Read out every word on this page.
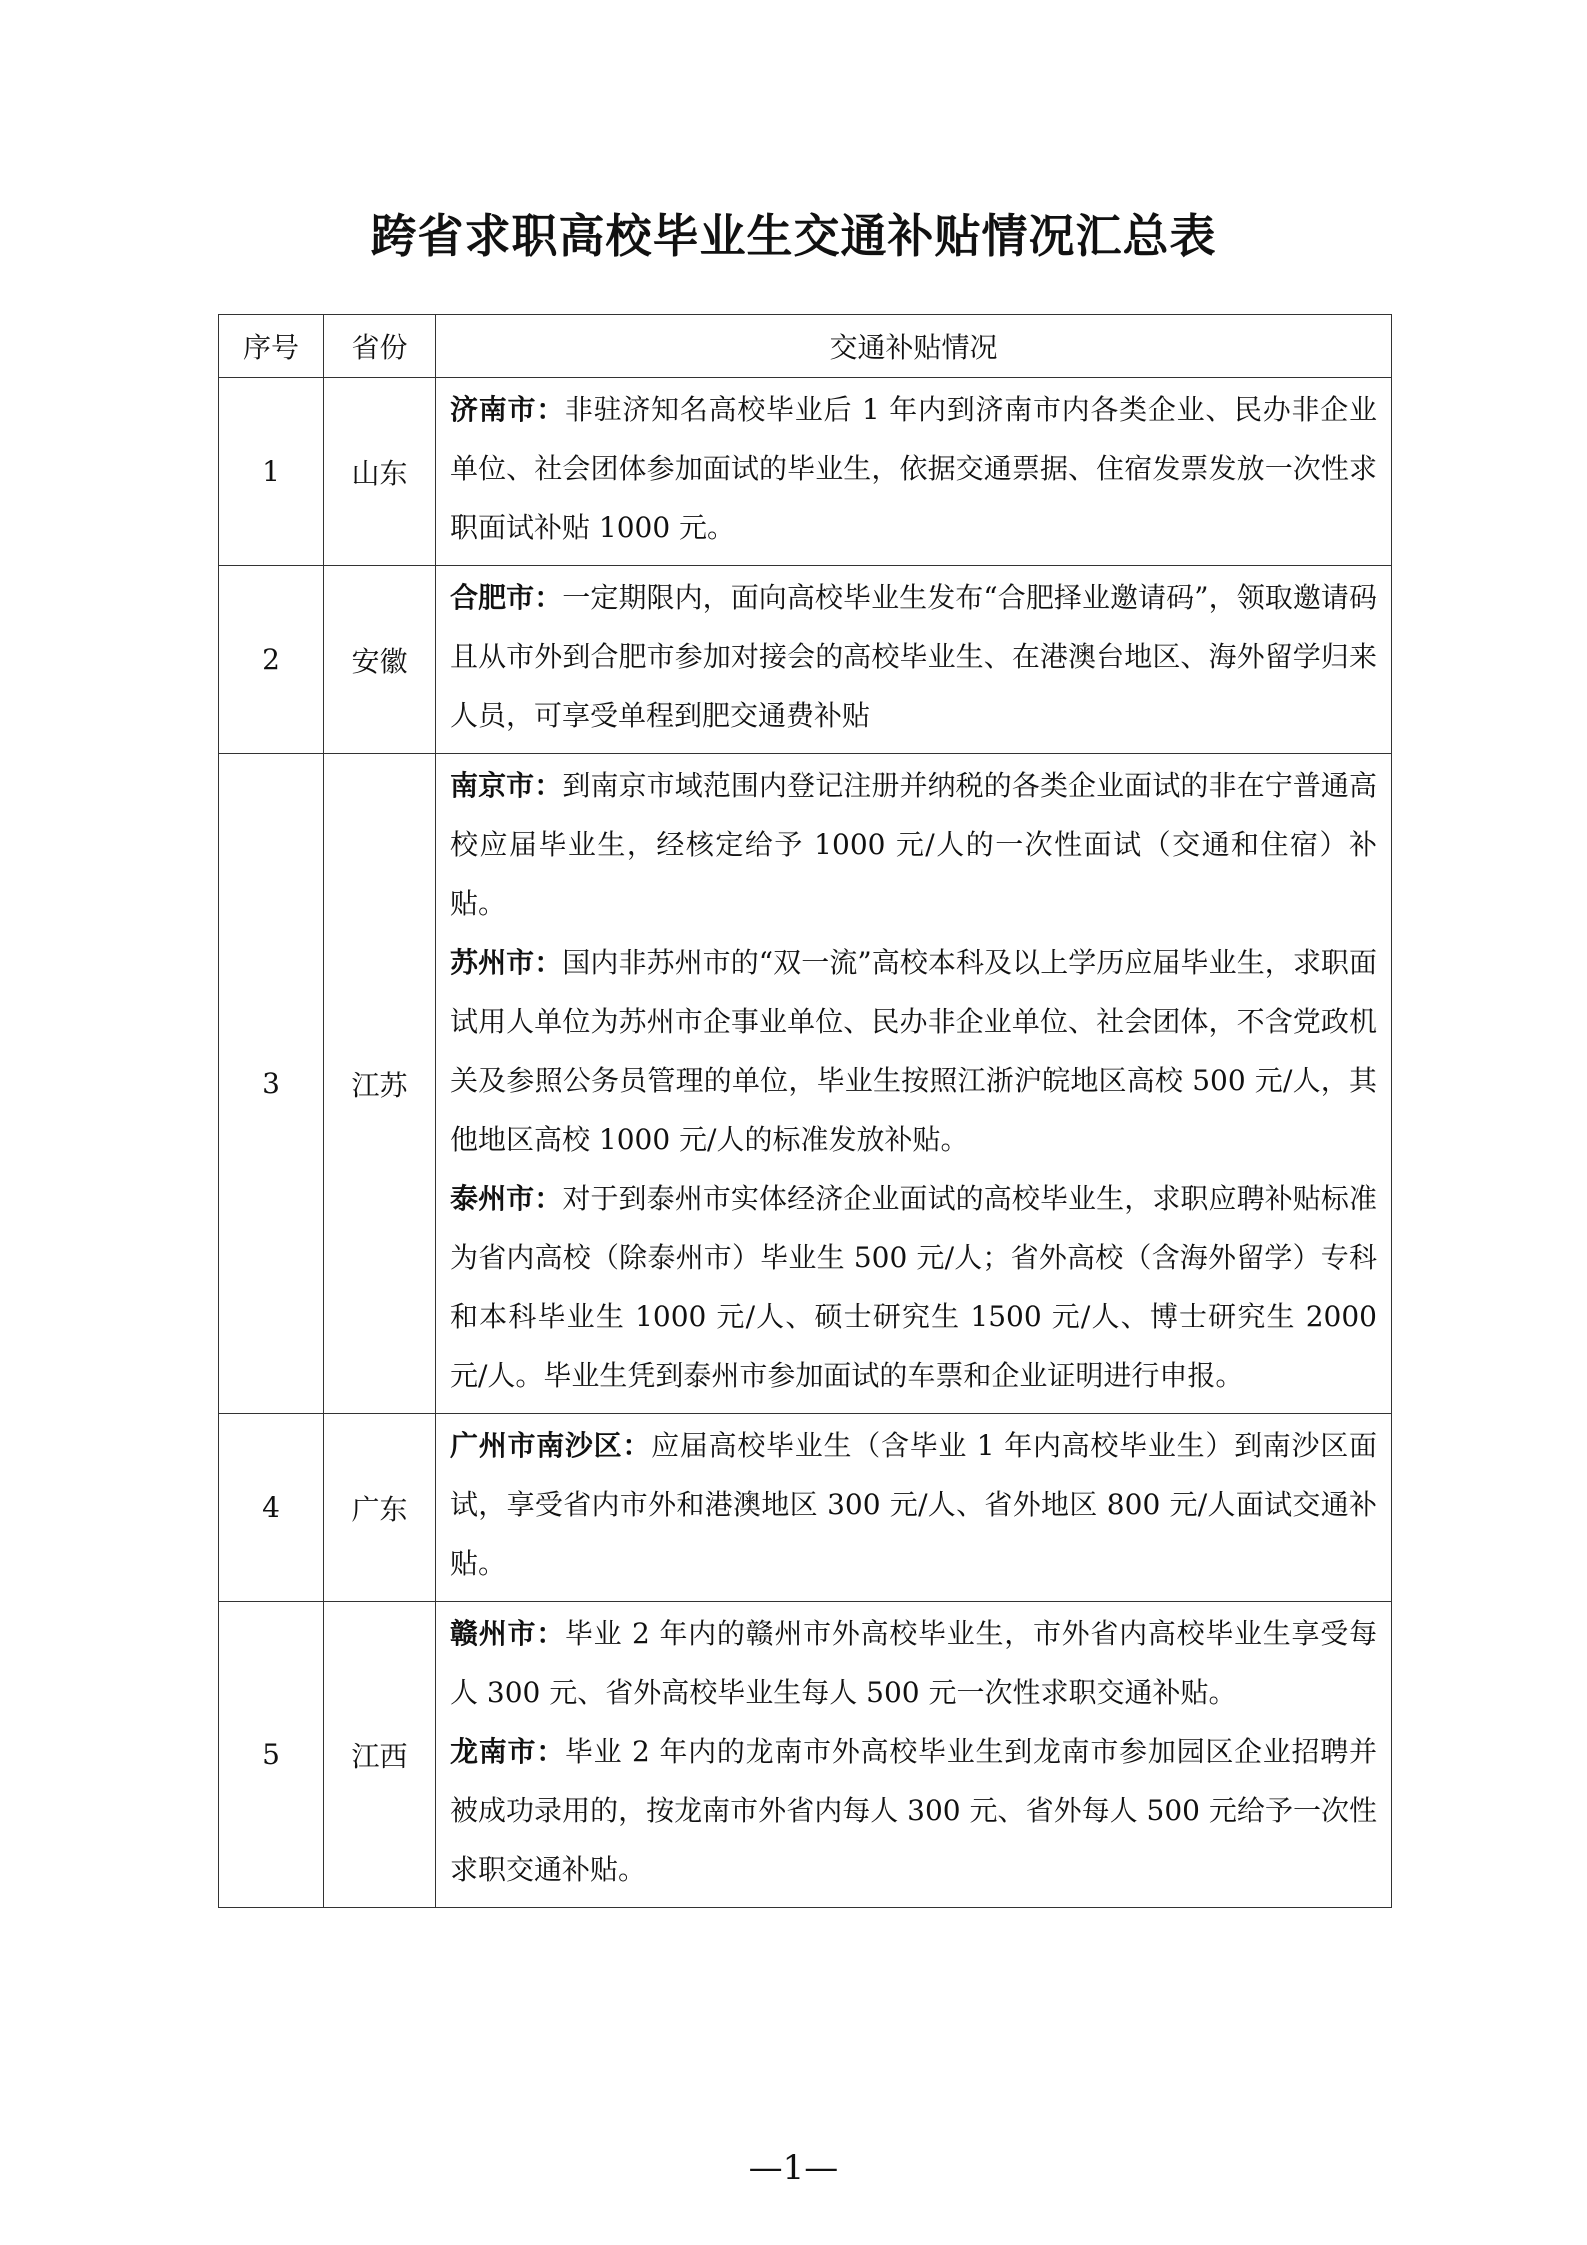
跨省求职高校毕业生交通补贴情况汇总表
序号	省份	交通补贴情况
1	山东	济南市：非驻济知名高校毕业后 1 年内到济南市内各类企业、民办非企业单位、社会团体参加面试的毕业生，依据交通票据、住宿发票发放一次性求职面试补贴 1000 元。

2	安徽	合肥市：一定期限内，面向高校毕业生发布“合肥择业邀请码”，领取邀请码且从市外到合肥市参加对接会的高校毕业生、在港澳台地区、海外留学归来人员，可享受单程到肥交通费补贴

3	江苏	南京市：到南京市域范围内登记注册并纳税的各类企业面试的非在宁普通高校应届毕业生，经核定给予 1000 元/人的一次性面试（交通和住宿）补贴。

苏州市：国内非苏州市的“双一流”高校本科及以上学历应届毕业生，求职面试用人单位为苏州市企事业单位、民办非企业单位、社会团体，不含党政机关及参照公务员管理的单位，毕业生按照江浙沪皖地区高校 500 元/人，其他地区高校 1000 元/人的标准发放补贴。

泰州市：对于到泰州市实体经济企业面试的高校毕业生，求职应聘补贴标准为省内高校（除泰州市）毕业生 500 元/人；省外高校（含海外留学）专科和本科毕业生 1000 元/人、硕士研究生 1500 元/人、博士研究生 2000 元/人。毕业生凭到泰州市参加面试的车票和企业证明进行申报。

4	广东	广州市南沙区：应届高校毕业生（含毕业 1 年内高校毕业生）到南沙区面试，享受省内市外和港澳地区 300 元/人、省外地区 800 元/人面试交通补贴。

5	江西	赣州市：毕业 2 年内的赣州市外高校毕业生，市外省内高校毕业生享受每人 300 元、省外高校毕业生每人 500 元一次性求职交通补贴。

龙南市：毕业 2 年内的龙南市外高校毕业生到龙南市参加园区企业招聘并被成功录用的，按龙南市外省内每人 300 元、省外每人 500 元给予一次性求职交通补贴。

—1—
